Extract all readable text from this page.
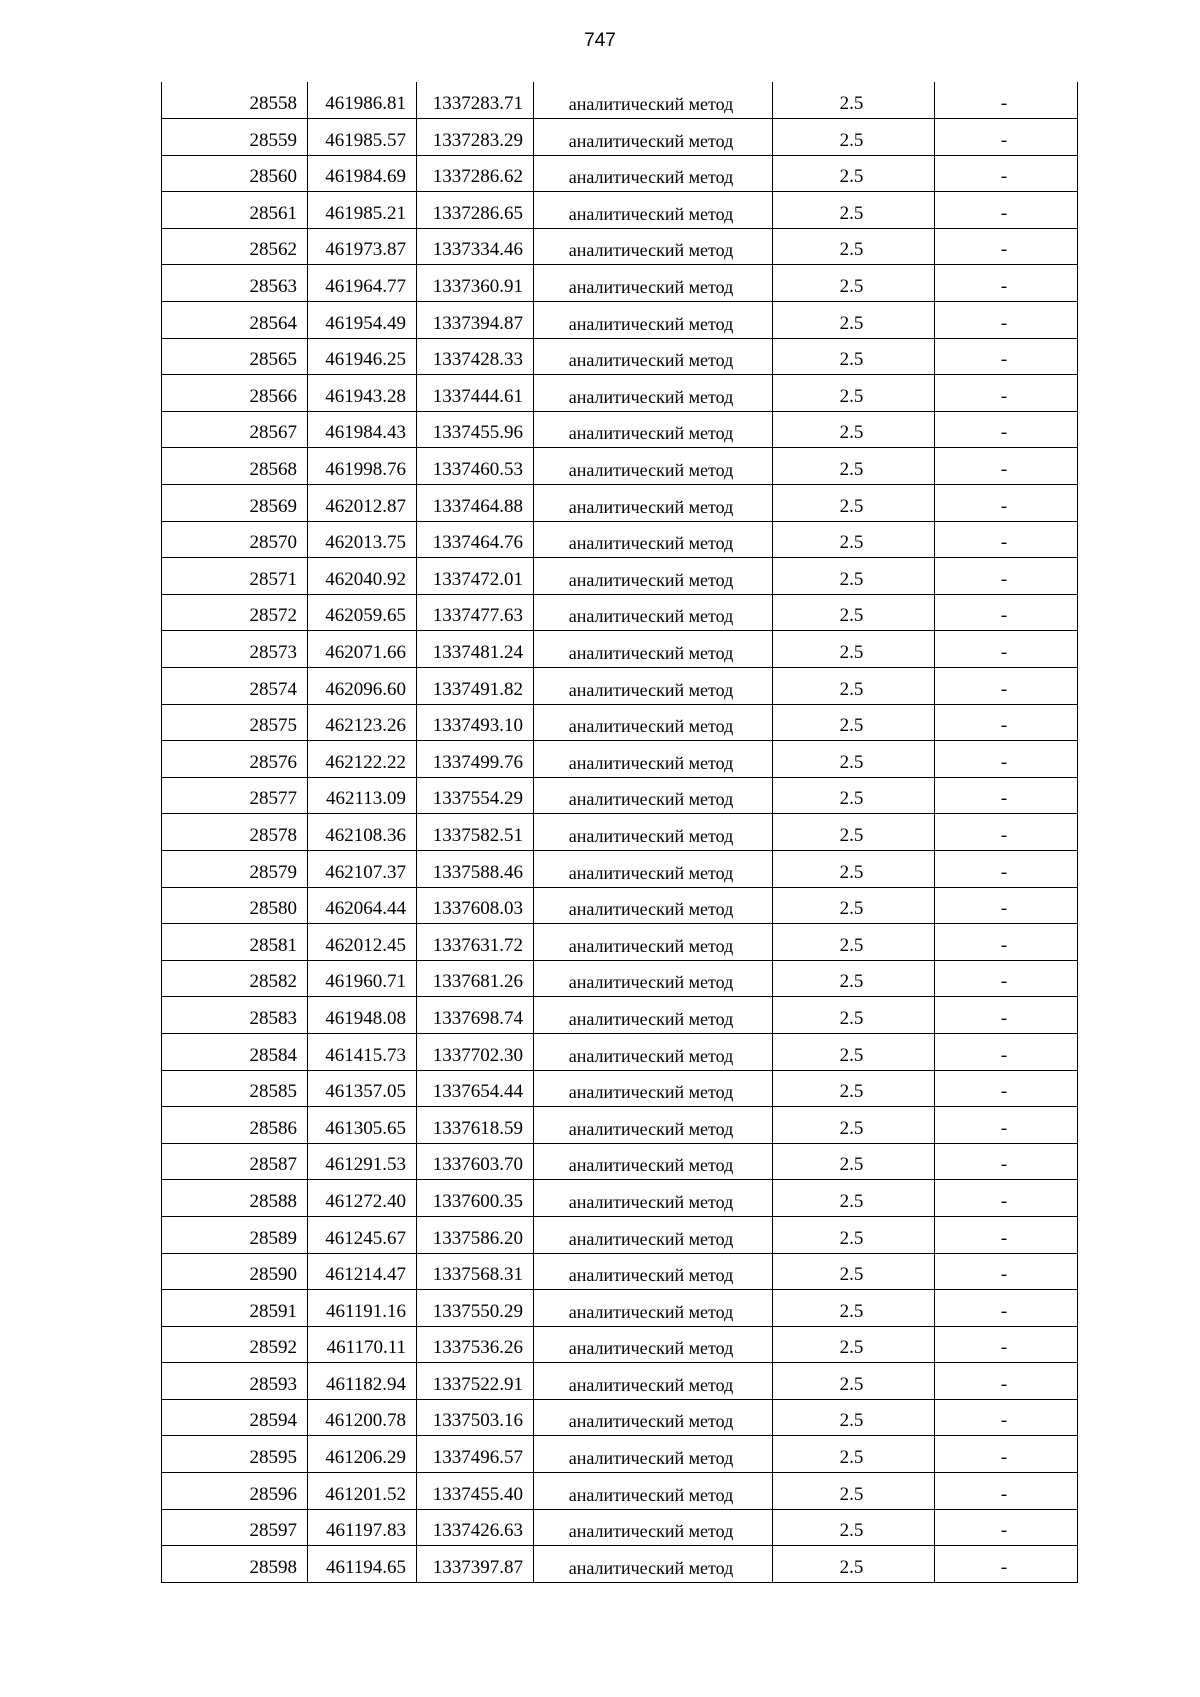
747
28558	461986.81	1337283.71	аналитический метод	2.5	-
28559	461985.57	1337283.29	аналитический метод	2.5	-
28560	461984.69	1337286.62	аналитический метод	2.5	-
28561	461985.21	1337286.65	аналитический метод	2.5	-
28562	461973.87	1337334.46	аналитический метод	2.5	-
28563	461964.77	1337360.91	аналитический метод	2.5	-
28564	461954.49	1337394.87	аналитический метод	2.5	-
28565	461946.25	1337428.33	аналитический метод	2.5	-
28566	461943.28	1337444.61	аналитический метод	2.5	-
28567	461984.43	1337455.96	аналитический метод	2.5	-
28568	461998.76	1337460.53	аналитический метод	2.5	-
28569	462012.87	1337464.88	аналитический метод	2.5	-
28570	462013.75	1337464.76	аналитический метод	2.5	-
28571	462040.92	1337472.01	аналитический метод	2.5	-
28572	462059.65	1337477.63	аналитический метод	2.5	-
28573	462071.66	1337481.24	аналитический метод	2.5	-
28574	462096.60	1337491.82	аналитический метод	2.5	-
28575	462123.26	1337493.10	аналитический метод	2.5	-
28576	462122.22	1337499.76	аналитический метод	2.5	-
28577	462113.09	1337554.29	аналитический метод	2.5	-
28578	462108.36	1337582.51	аналитический метод	2.5	-
28579	462107.37	1337588.46	аналитический метод	2.5	-
28580	462064.44	1337608.03	аналитический метод	2.5	-
28581	462012.45	1337631.72	аналитический метод	2.5	-
28582	461960.71	1337681.26	аналитический метод	2.5	-
28583	461948.08	1337698.74	аналитический метод	2.5	-
28584	461415.73	1337702.30	аналитический метод	2.5	-
28585	461357.05	1337654.44	аналитический метод	2.5	-
28586	461305.65	1337618.59	аналитический метод	2.5	-
28587	461291.53	1337603.70	аналитический метод	2.5	-
28588	461272.40	1337600.35	аналитический метод	2.5	-
28589	461245.67	1337586.20	аналитический метод	2.5	-
28590	461214.47	1337568.31	аналитический метод	2.5	-
28591	461191.16	1337550.29	аналитический метод	2.5	-
28592	461170.11	1337536.26	аналитический метод	2.5	-
28593	461182.94	1337522.91	аналитический метод	2.5	-
28594	461200.78	1337503.16	аналитический метод	2.5	-
28595	461206.29	1337496.57	аналитический метод	2.5	-
28596	461201.52	1337455.40	аналитический метод	2.5	-
28597	461197.83	1337426.63	аналитический метод	2.5	-
28598	461194.65	1337397.87	аналитический метод	2.5	-
